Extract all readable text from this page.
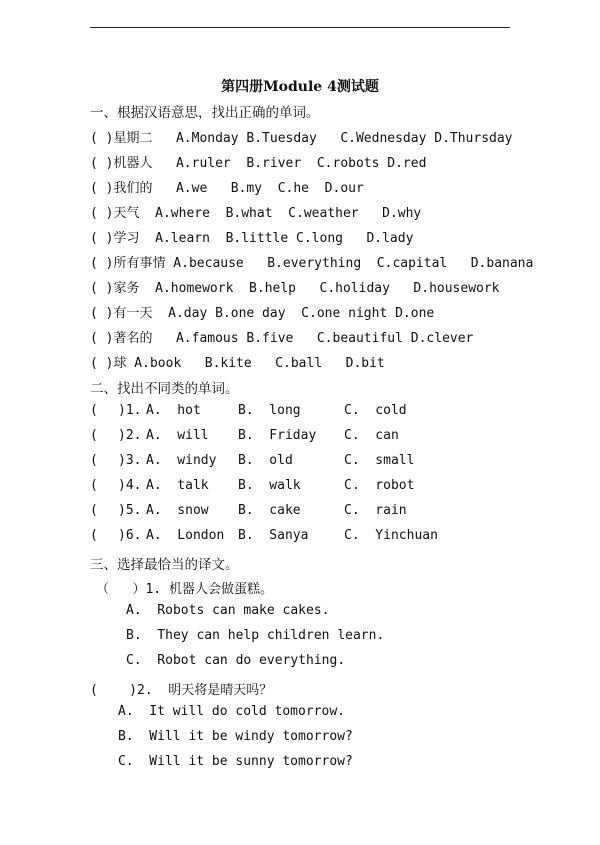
第四册Module 4测试题
一、根据汉语意思，找出正确的单词。
( )星期二   A.Monday B.Tuesday   C.Wednesday D.Thursday
( )机器人   A.ruler  B.river  C.robots D.red
( )我们的   A.we   B.my  C.he  D.our
( )天气  A.where  B.what  C.weather   D.why
( )学习  A.learn  B.little C.long   D.lady
( )所有事情 A.because   B.everything  C.capital   D.banana
( )家务  A.homework  B.help   C.holiday   D.housework
( )有一天  A.day B.one day  C.one night D.one
( )著名的   A.famous B.five   C.beautiful D.clever
( )球 A.book   B.kite   C.ball   D.bit
二、找出不同类的单词。
( )1. A.  hot	B.  long	C.  cold
( )2. A.  will B.  Friday C.  can
( )3. A.  windy B.  old	C.  small
( )4. A.  talk B.  walk	C.  robot
( )5. A.  snow B.  cake	C.  rain
( )6. A.  London B.  Sanya	C.  Yinchuan
三、选择最恰当的译文。
（   ）1. 机器人会做蛋糕。
A.  Robots can make cakes.
B.  They can help children learn.
C.  Robot can do everything.
(    )2.  明天将是晴天吗？
A.  It will do cold tomorrow.
B.  Will it be windy tomorrow?
C.  Will it be sunny tomorrow?
